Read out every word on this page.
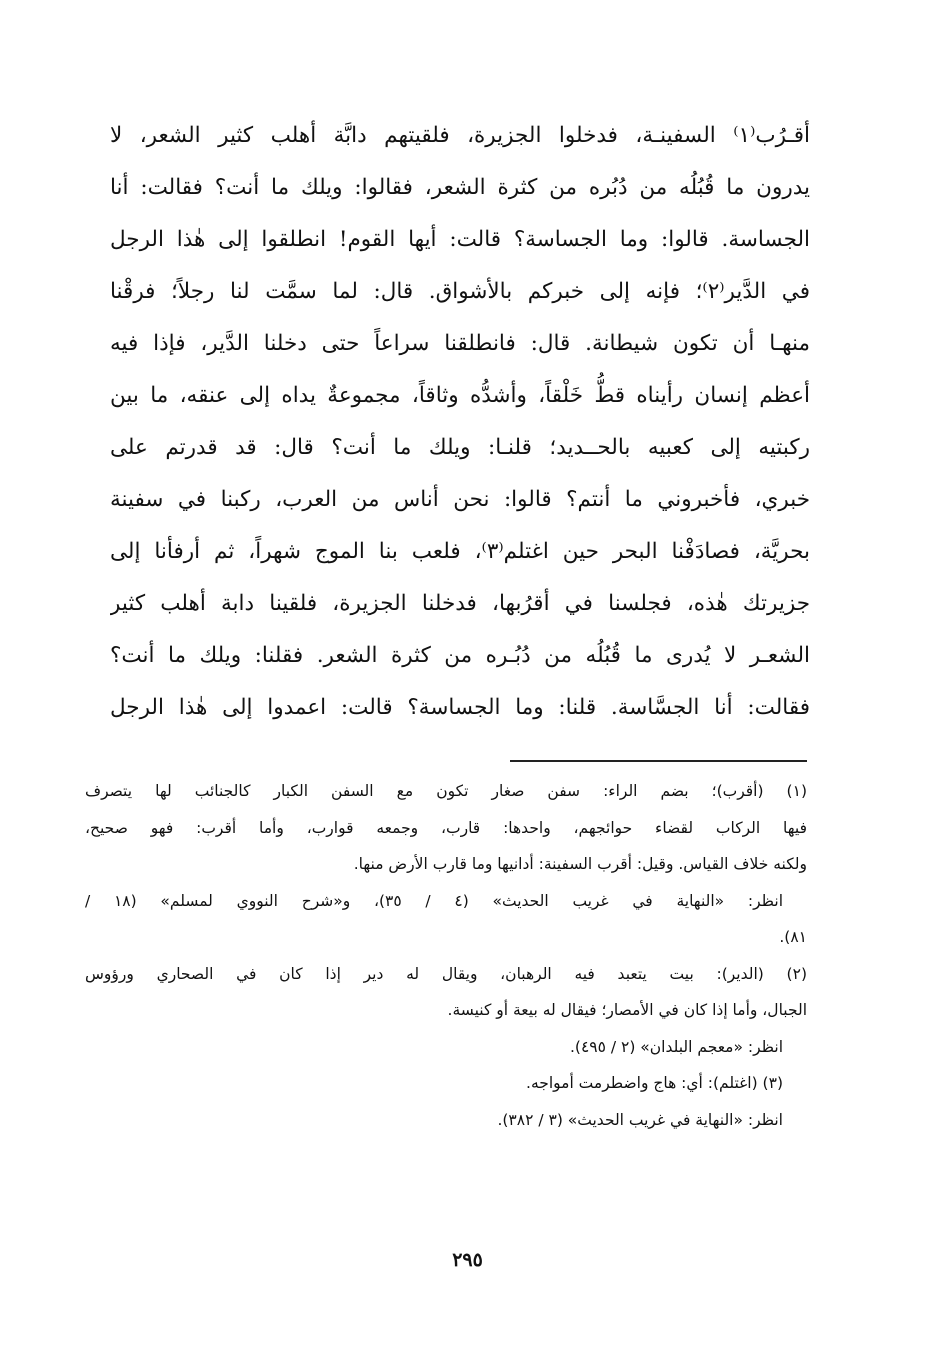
أقـرُب⁽١⁾ السفينـة، فدخلوا الجزيرة، فلقيتهم دابَّة أهلب كثير الشعر، لا
يدرون ما قُبُلُه من دُبُره من كثرة الشعر، فقالوا: ويلك ما أنت؟ فقالت: أنا
الجساسة. قالوا: وما الجساسة؟ قالت: أيها القوم! انطلقوا إلى هٰذا الرجل
في الدَّير⁽٢⁾؛ فإنه إلى خبركم بالأشواق. قال: لما سمَّت لنا رجلاً؛ فرقْنا
منهـا أن تكون شيطانة. قال: فانطلقنا سراعاً حتى دخلنا الدَّير، فإذا فيه
أعظم إنسان رأيناه قطُّ خَلْقاً، وأشدُّه وثاقاً، مجموعةٌ يداه إلى عنقه، ما بين
ركبتيه إلى كعبيه بالحــديد؛ قلنـا: ويلك ما أنت؟ قال: قد قدرتم على
خبري، فأخبروني ما أنتم؟ قالوا: نحن أناس من العرب، ركبنا في سفينة
بحريَّة، فصادَفْنا البحر حين اغتلم⁽٣⁾، فلعب بنا الموج شهراً، ثم أرفأنا إلى
جزيرتك هٰذه، فجلسنا في أقرُبها، فدخلنا الجزيرة، فلقينا دابة أهلب كثير
الشعـر لا يُدرى ما قُبُلُه من دُبُـره من كثرة الشعر. فقلنا: ويلك ما أنت؟
فقالت: أنا الجسَّاسة. قلنا: وما الجساسة؟ قالت: اعمدوا إلى هٰذا الرجل
(١) (أقرب)؛ بضم الراء: سفن صغار تكون مع السفن الكبار كالجنائب لها يتصرف
فيها الركاب لقضاء حوائجهم، واحدها: قارب، وجمعه قوارب، وأما أقرب: فهو صحيح،
ولكنه خلاف القياس. وقيل: أقرب السفينة: أدانيها وما قارب الأرض منها.
انظر: «النهاية في غريب الحديث» (٤ / ٣٥)، و«شرح النووي لمسلم» (١٨ /
٨١).
(٢) (الدير): بيت يتعبد فيه الرهبان، ويقال له دير إذا كان في الصحاري ورؤوس
الجبال، وأما إذا كان في الأمصار؛ فيقال له بيعة أو كنيسة.
انظر: «معجم البلدان» (٢ / ٤٩٥).
(٣) (اغتلم): أي: هاج واضطرمت أمواجه.
انظر: «النهاية في غريب الحديث» (٣ / ٣٨٢).
٢٩٥
